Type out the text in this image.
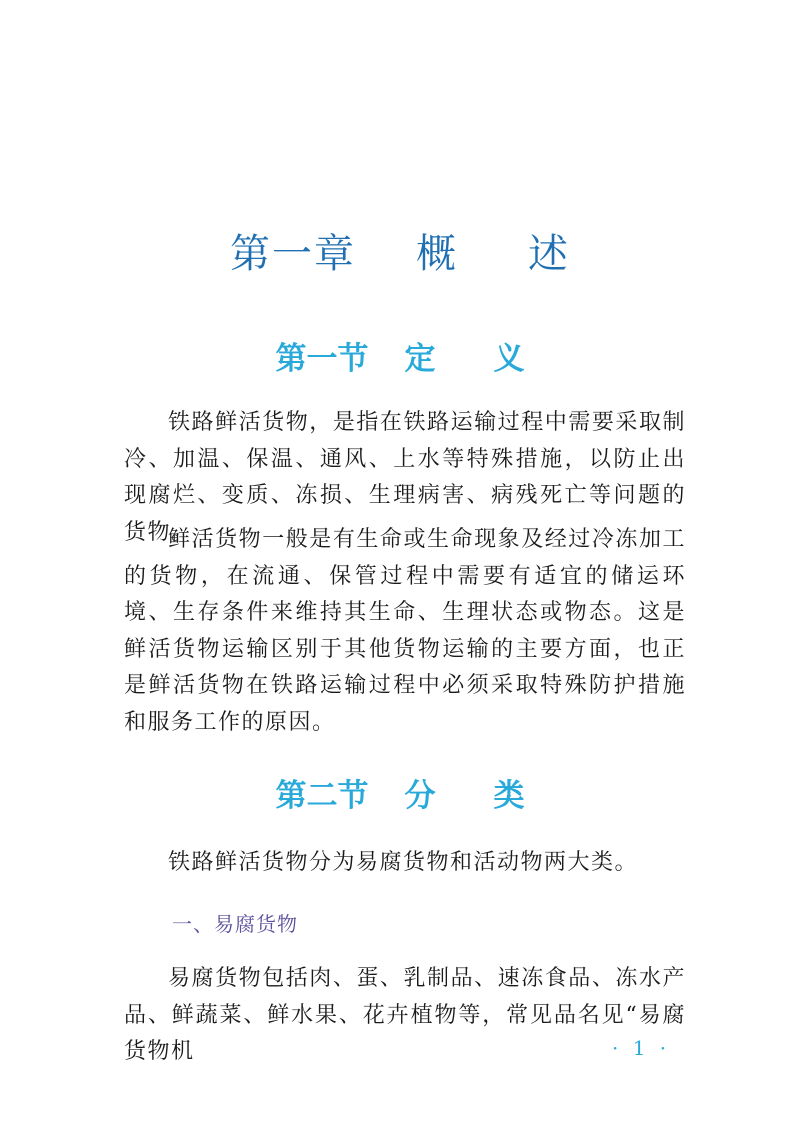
第一章 概 述
第一节 定 义
铁路鲜活货物，是指在铁路运输过程中需要采取制冷、加温、保温、通风、上水等特殊措施，以防止出现腐烂、变质、冻损、生理病害、病残死亡等问题的货物。
鲜活货物一般是有生命或生命现象及经过冷冻加工的货物，在流通、保管过程中需要有适宜的储运环境、生存条件来维持其生命、生理状态或物态。这是鲜活货物运输区别于其他货物运输的主要方面，也正是鲜活货物在铁路运输过程中必须采取特殊防护措施和服务工作的原因。
第二节 分 类
铁路鲜活货物分为易腐货物和活动物两大类。
一、易腐货物
易腐货物包括肉、蛋、乳制品、速冻食品、冻水产品、鲜蔬菜、鲜水果、花卉植物等，常见品名见“易腐货物机	· 1 ·
